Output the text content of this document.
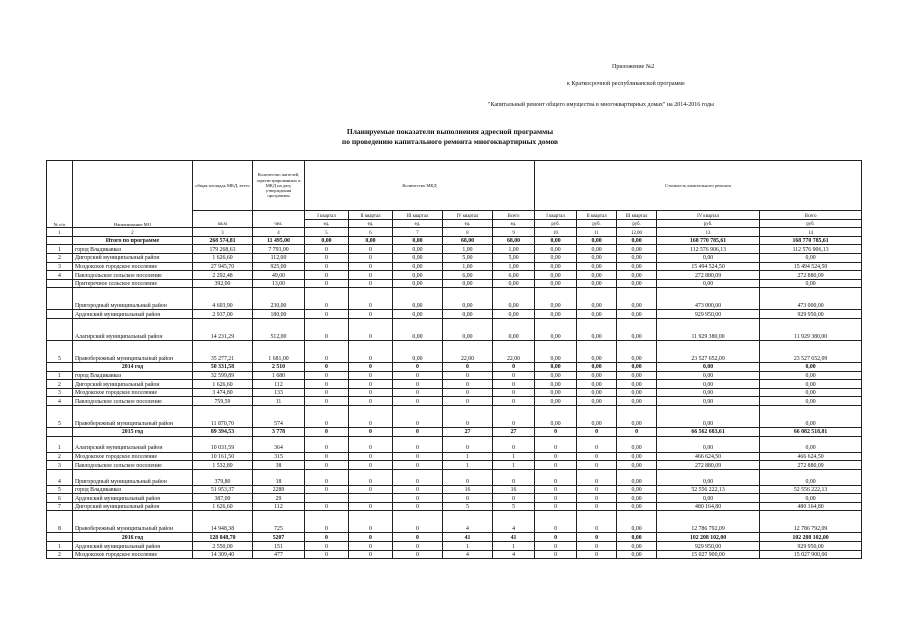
Приложение №2
к Краткосрочной республиканской программе
"Капитальный ремонт общего имущества в многоквартирных домах" на 2014-2016 годы
Планируемые показатели выполнения адресной программы
по проведению капитального ремонта многоквартирных домов
№ п/п	Наименование МО	общая площадь МКД, всего	Количество жителей, зарегистрированных в МКД на дату утверждения программы	Количество МКД					Стоимость капитального ремонта				
		кв.м	чел.	I квартал	II квартал	III квартал	IV квартал	Всего	I квартал	II квартал	III квартал	IV квартал	Всего
				ед.	ед.	ед.	ед.	ед.	руб.	руб.	руб.	руб.	руб.
1	2	3	4	5	6	7	8	9	10	11	12,00	13	14
	Итого по программе	268 574,81	11 495,00	0,00	0,00	0,00	68,00	68,00	0,00	0,00	0,00	168 770 785,61	168 770 785,61
1	город Владикавказ	179 268,63	7 793,00	0	0	0,00	1,00	1,00	0,00	0,00	0,00	112 576 906,13	112 576 906,13
2	Дигорский муниципальный район	1 626,60	112,00	0	0	0,00	5,00	5,00	0,00	0,00	0,00	0,00	0,00
3	Моздокское городское поселение	27 945,70	925,00	0	0	0,00	1,00	1,00	0,00	0,00	0,00	15 494 524,50	15 494 524,50
4	Павлодольское сельское поселение	2 292,48	49,00	0	0	0,00	6,00	6,00	0,00	0,00	0,00	272 880,09	272 880,09
	Притеречное сельское поселение	392,00	13,00	0	0	0,00	0,00	0,00	0,00	0,00	0,00	0,00	0,00
	Пригородный муниципальный район	4 603,90	230,00	0	0	0,00	0,00	0,00	0,00	0,00	0,00	473 000,00	473 000,00
	Ардонский муниципальный район	2 937,00	180,00	0	0	0,00	0,00	0,00	0,00	0,00	0,00	929 950,00	929 950,00
	Алагирский муниципальный район	14 231,29	512,00	0	0	0,00	0,00	0,00	0,00	0,00	0,00	11 929 380,00	11 929 380,00
5	Правобережный муниципальный район	35 277,21	1 681,00	0	0	0,00	22,00	22,00	0,00	0,00	0,00	23 527 652,09	23 527 652,09
	2014 год	50 331,58	2 510	0	0	0	0	0	0,00	0,00	0,00	0,00	0,00
1	город Владикавказ	32 599,89	1 680	0	0	0	0	0	0,00	0,00	0,00	0,00	0,00
2	Дигорский муниципальный район	1 626,60	112	0	0	0	0	0	0,00	0,00	0,00	0,00	0,00
3	Моздокское городское поселение	3 474,80	133	0	0	0	0	0	0,00	0,00	0,00	0,00	0,00
4	Павлодольское сельское поселение	759,59	11	0	0	0	0	0	0,00	0,00	0,00	0,00	0,00
5	Правобережный муниципальный район	11 870,70	574	0	0	0	0	0	0,00	0,00	0,00	0,00	0,00
	2015 год	89 394,53	3 778	0	0	0	27	27	0	0	0	66 562 683,61	66 082 518,81
1	Алагирский муниципальный район	10 031,59	364	0	0	0	0	0	0	0	0,00	0,00	0,00
2	Моздокское городское поселение	10 161,50	315	0	0	0	1	1	0	0	0,00	466 624,50	466 624,50
3	Павлодольское сельское поселение	1 532,89	38	0	0	0	1	1	0	0	0,00	272 880,09	272 880,09
4	Пригородный муниципальный район	379,80	18	0	0	0	0	0	0	0	0,00	0,00	0,00
5	город Владикавказ	51 953,37	2289	0	0	0	16	16	0	0	0,00	52 556 222,13	52 556 222,13
6	Ардонский муниципальный район	387,00	29			0	0	0	0	0	0,00	0,00	0,00
7	Дигорский муниципальный район	1 626,60	112	0	0	0	5	5	0	0	0,00	480 164,80	480 164,80
8	Правобережный муниципальный район	14 948,38	725	0	0	0	4	4	0	0	0,00	12 786 792,09	12 786 792,09
	2016 год	128 848,70	5207	0	0	0	41	41	0	0	0,00	102 208 102,00	102 208 102,00
1	Ардонский муниципальный район	2 550,00	151	0	0	0	1	1	0	0	0,00	929 950,00	929 950,00
2	Моздокское городское поселение	14 309,40	477	0	0	0	4	4	0	0	0,00	15 027 900,00	15 027 900,00
